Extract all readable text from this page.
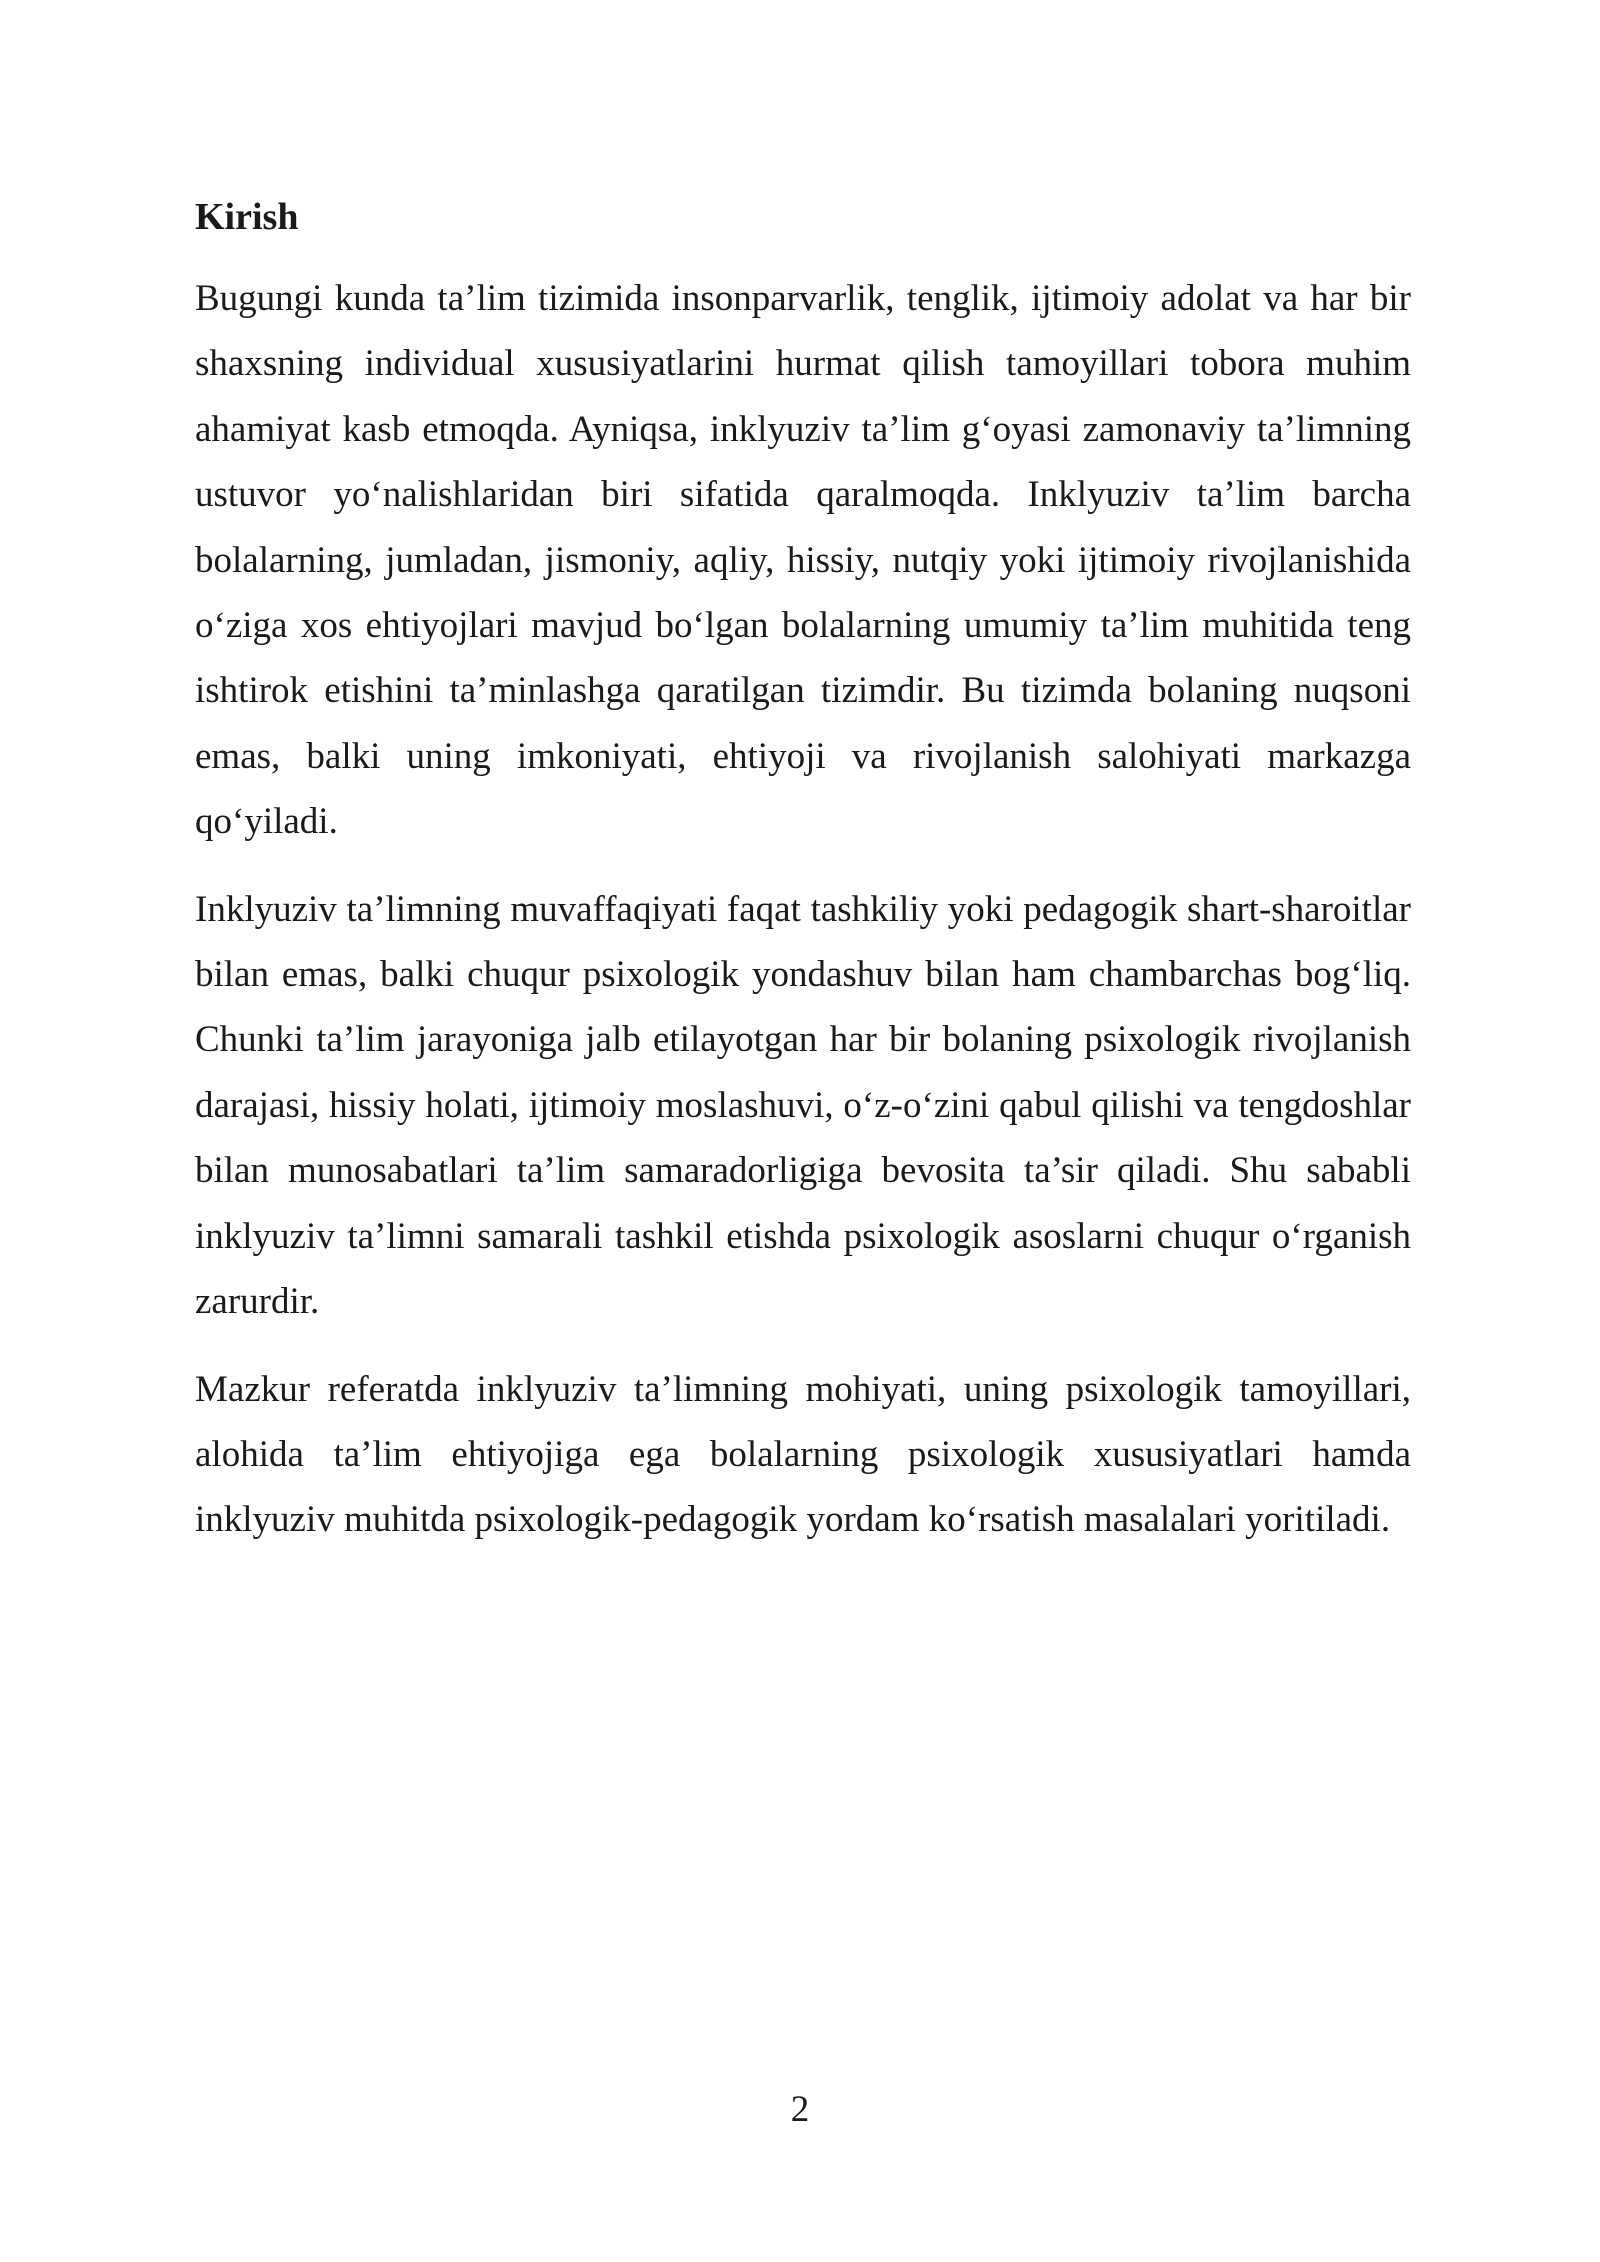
Kirish

Bugungi kunda ta’lim tizimida insonparvarlik, tenglik, ijtimoiy adolat va har bir shaxsning individual xususiyatlarini hurmat qilish tamoyillari tobora muhim ahamiyat kasb etmoqda. Ayniqsa, inklyuziv ta’lim g‘oyasi zamonaviy ta’limning ustuvor yo‘nalishlaridan biri sifatida qaralmoqda. Inklyuziv ta’lim barcha bolalarning, jumladan, jismoniy, aqliy, hissiy, nutqiy yoki ijtimoiy rivojlanishida o‘ziga xos ehtiyojlari mavjud bo‘lgan bolalarning umumiy ta’lim muhitida teng ishtirok etishini ta’minlashga qaratilgan tizimdir. Bu tizimda bolaning nuqsoni emas, balki uning imkoniyati, ehtiyoji va rivojlanish salohiyati markazga qo‘yiladi.

Inklyuziv ta’limning muvaffaqiyati faqat tashkiliy yoki pedagogik shart-sharoitlar bilan emas, balki chuqur psixologik yondashuv bilan ham chambarchas bog‘liq. Chunki ta’lim jarayoniga jalb etilayotgan har bir bolaning psixologik rivojlanish darajasi, hissiy holati, ijtimoiy moslashuvi, o‘z-o‘zini qabul qilishi va tengdoshlar bilan munosabatlari ta’lim samaradorligiga bevosita ta’sir qiladi. Shu sababli inklyuziv ta’limni samarali tashkil etishda psixologik asoslarni chuqur o‘rganish zarurdir.

Mazkur referatda inklyuziv ta’limning mohiyati, uning psixologik tamoyillari, alohida ta’lim ehtiyojiga ega bolalarning psixologik xususiyatlari hamda inklyuziv muhitda psixologik-pedagogik yordam ko‘rsatish masalalari yoritiladi.

2
